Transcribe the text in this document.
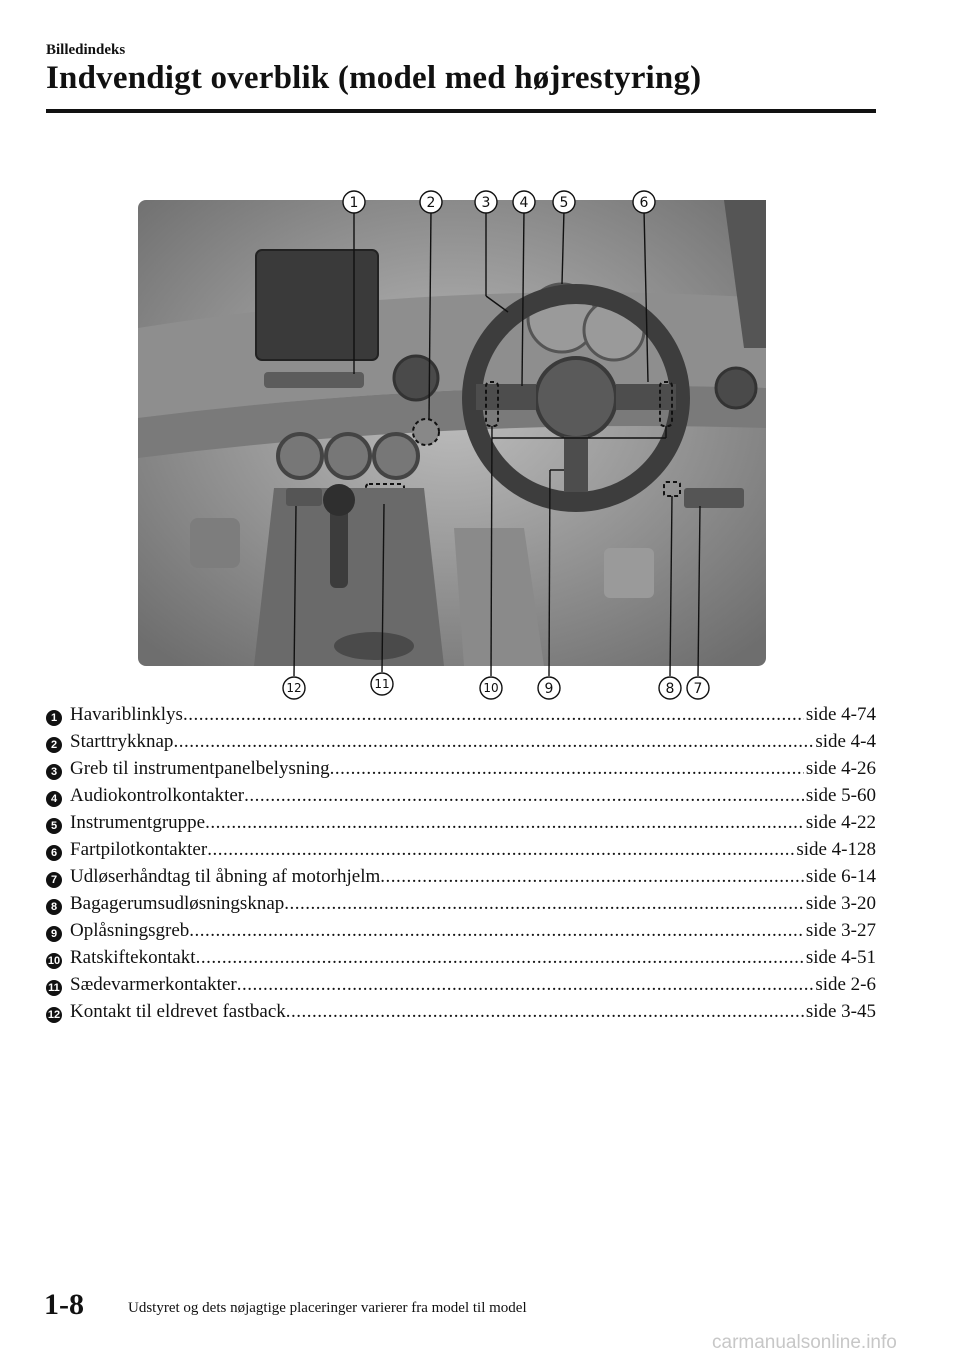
Billedindeks
Indvendigt overblik (model med højrestyring)
1	2	3 4 5	6
12	11	10	9	8 7
1 Havariblinklys .....	side 4-74
2 Starttrykknap .....	side 4-4
3 Greb til instrumentpanelbelysning .....	side 4-26
4 Audiokontrolkontakter .....	side 5-60
5 Instrumentgruppe .....	side 4-22
6 Fartpilotkontakter .....	side 4-128
7 Udløserhåndtag til åbning af motorhjelm .....	side 6-14
8 Bagagerumsudløsningsknap .....	side 3-20
9 Oplåsningsgreb .....	side 3-27
10 Ratskiftekontakt .....	side 4-51
11 Sædevarmerkontakter .....	side 2-6
12 Kontakt til eldrevet fastback .....	side 3-45
1-8	Udstyret og dets nøjagtige placeringer varierer fra model til model
carmanualsonline.info
